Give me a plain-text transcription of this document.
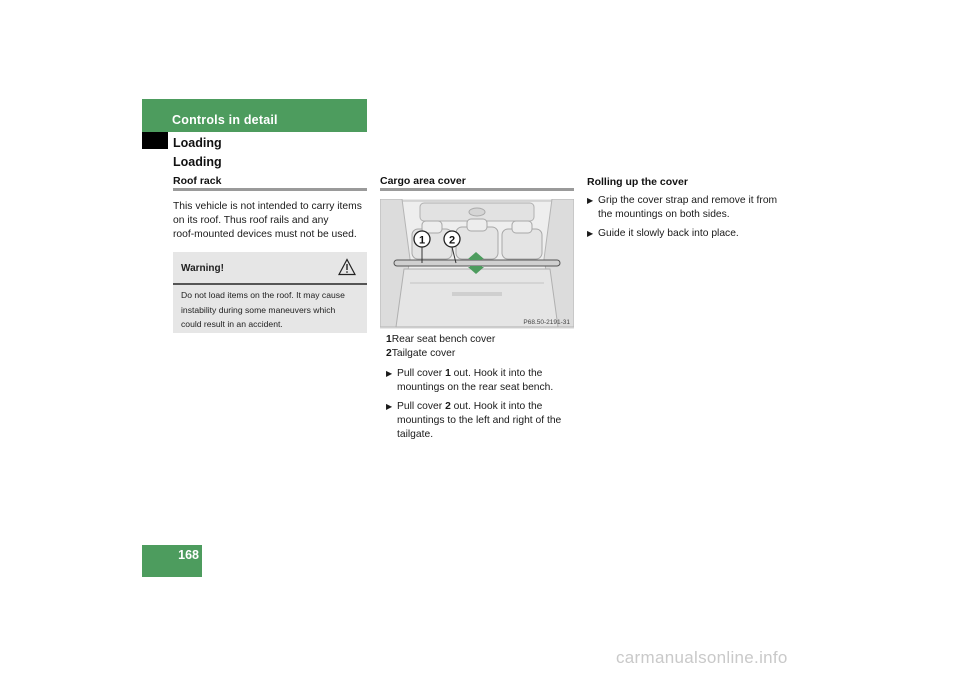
Controls in detail
Loading
Loading
Roof rack
This vehicle is not intended to carry items
on its roof. Thus roof rails and any
roof-mounted devices must not be used.
Warning!
Do not load items on the roof. It may cause
instability during some maneuvers which
could result in an accident.
Cargo area cover
1 2
P68.50-2191-31
1Rear seat bench cover
2Tailgate cover
▶ Pull cover 1 out. Hook it into the
mountings on the rear seat bench.
▶ Pull cover 2 out. Hook it into the
mountings to the left and right of the
tailgate.
Rolling up the cover
▶ Grip the cover strap and remove it from
the mountings on both sides.
▶ Guide it slowly back into place.
168
carmanualsonline.info
